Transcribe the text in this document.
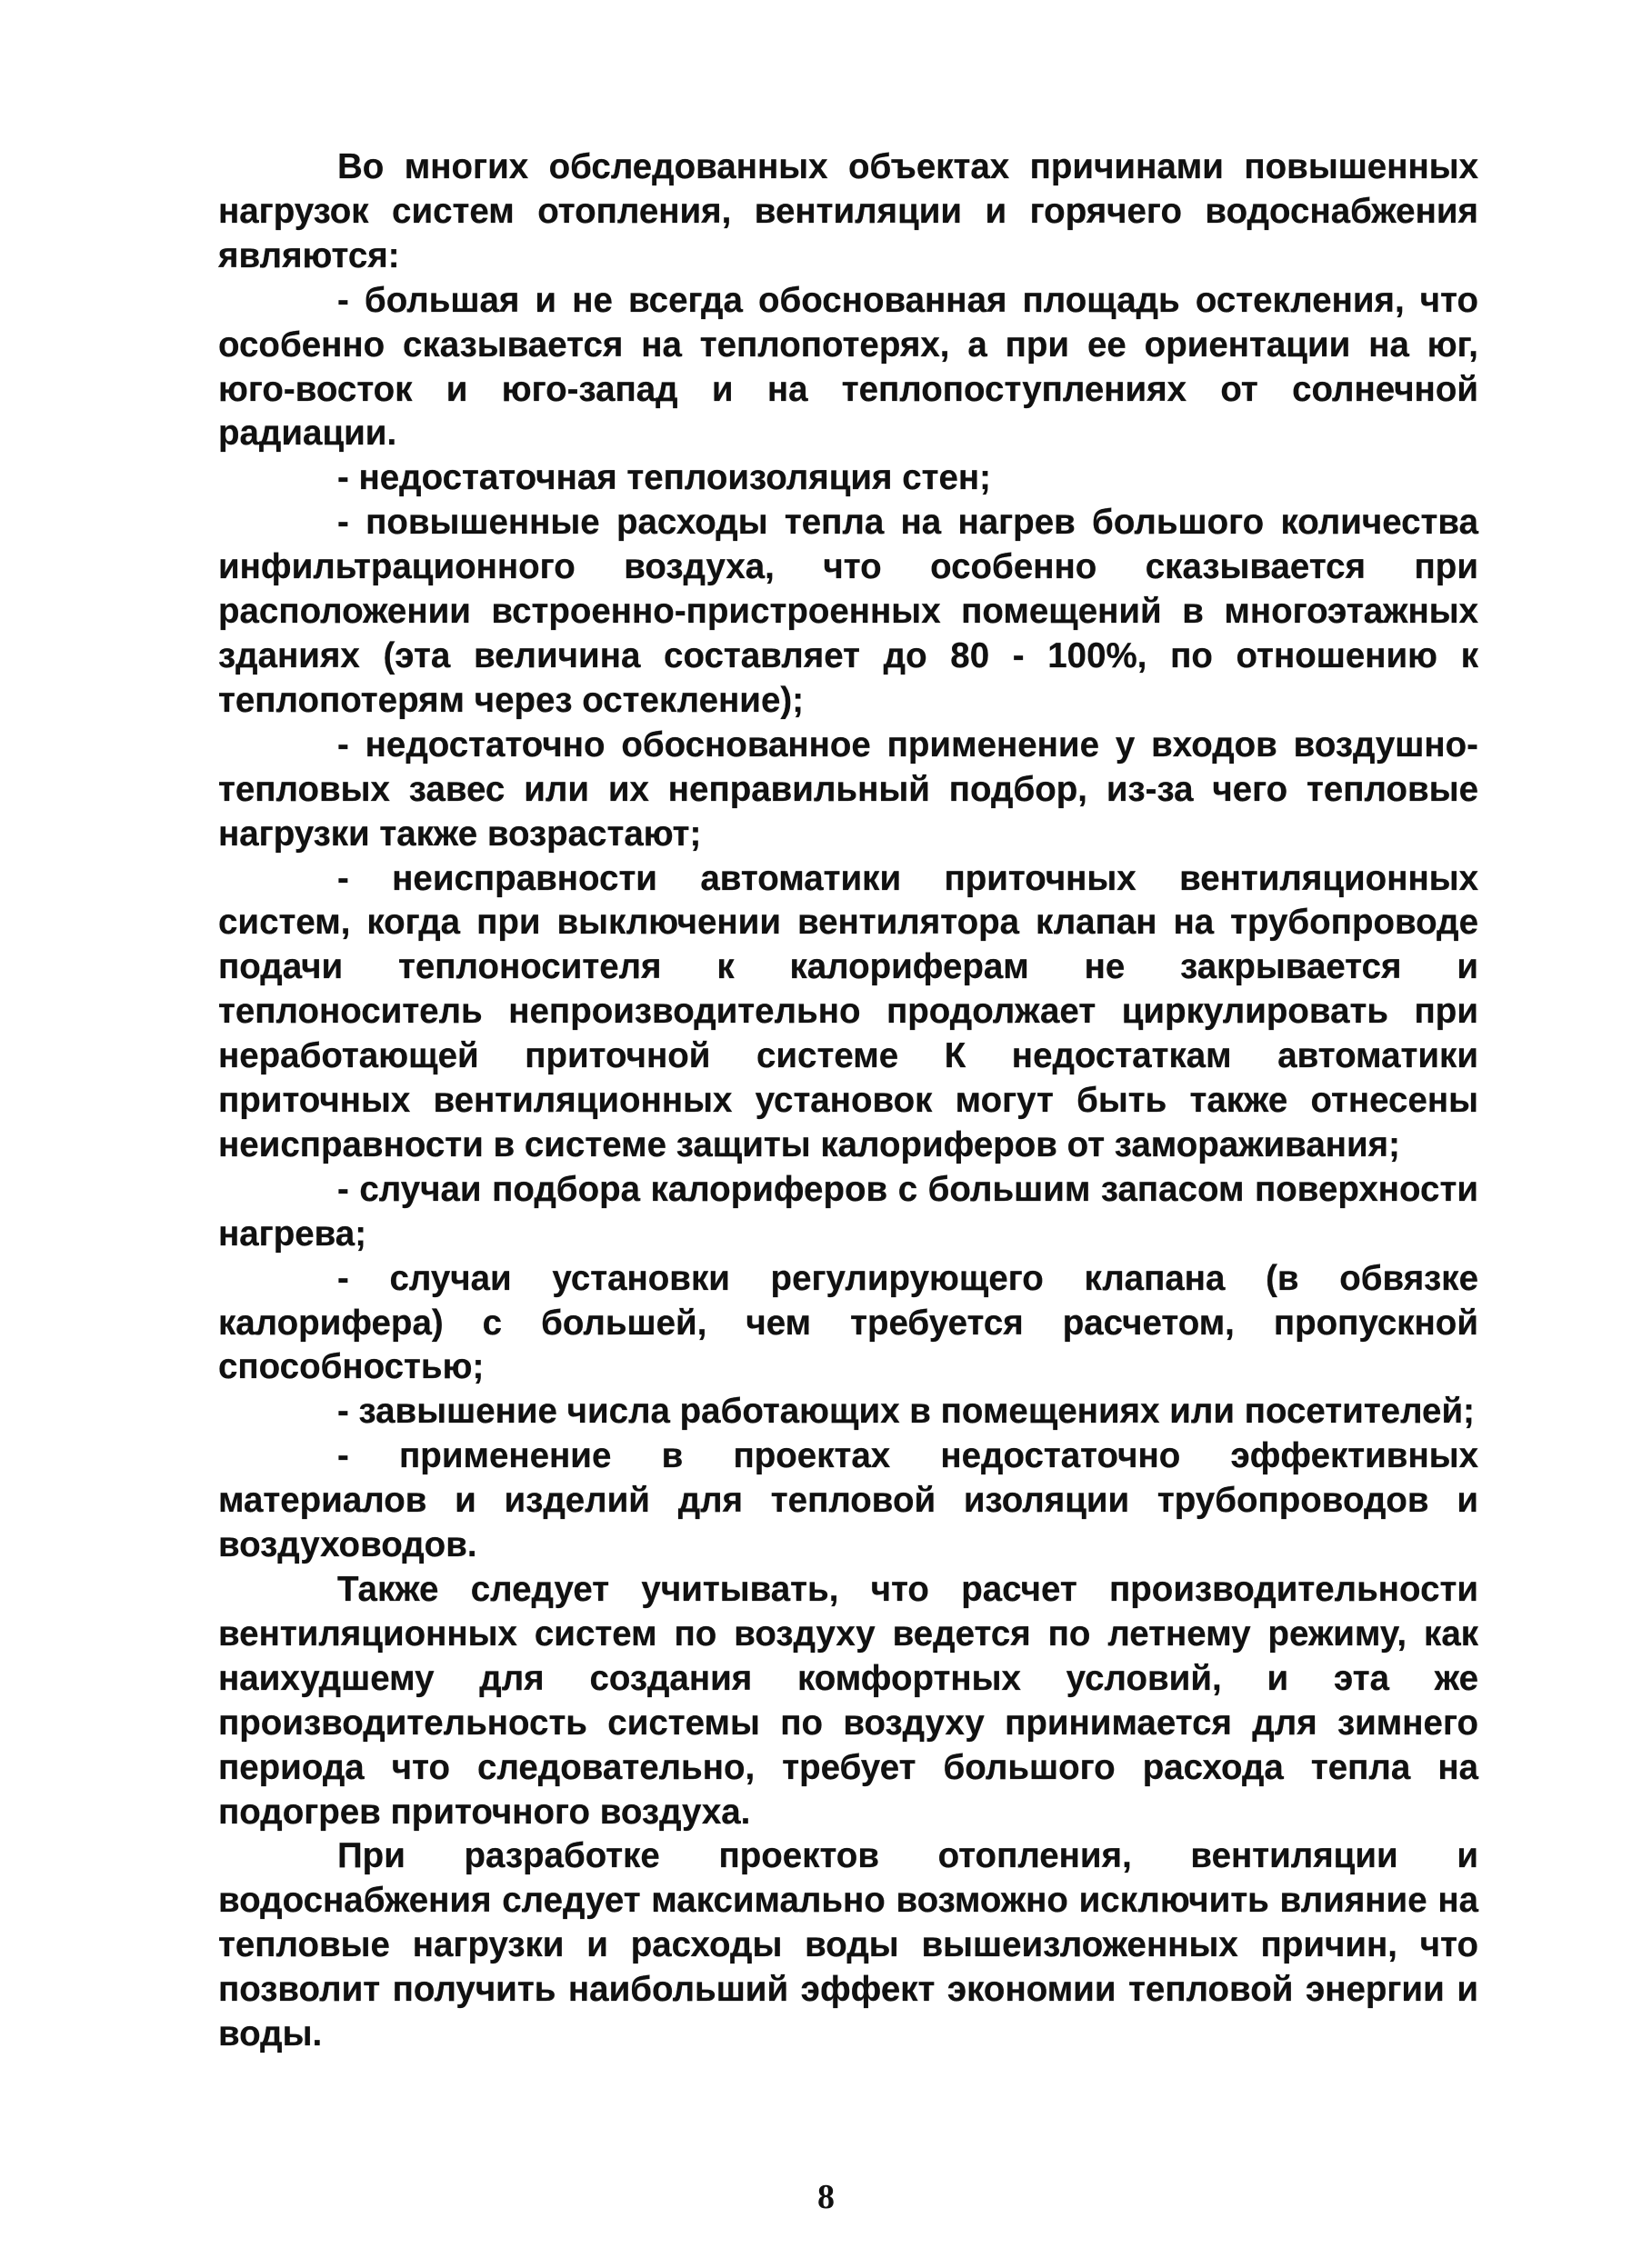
Во многих обследованных объектах причинами повышенных нагрузок систем отопления, вентиляции и горячего водоснабжения являются:

- большая и не всегда обоснованная площадь остекления, что особенно сказывается на теплопотерях, а при ее ориентации на юг, юго-восток и юго-запад и на теплопоступлениях от солнечной радиации.

- недостаточная теплоизоляция стен;

- повышенные расходы тепла на нагрев большого количества инфильтрационного воздуха, что особенно сказывается при расположении встроенно-пристроенных помещений в многоэтажных зданиях (эта величина составляет до 80 - 100%, по отношению к теплопотерям через остекление);

- недостаточно обоснованное применение у входов воздушно-тепловых завес или их неправильный подбор, из-за чего тепловые нагрузки также возрастают;

- неисправности автоматики приточных вентиляционных систем, когда при выключении вентилятора клапан на трубопроводе подачи теплоносителя к калориферам не закрывается и теплоноситель непроизводительно продолжает циркулировать при неработающей приточной системе К недостаткам автоматики приточных вентиляционных установок могут быть также отнесены неисправности в системе защиты калориферов от замораживания;

- случаи подбора калориферов с большим запасом поверхности нагрева;

- случаи установки регулирующего клапана (в обвязке калорифера) с большей, чем требуется расчетом, пропускной способностью;

- завышение числа работающих в помещениях или посетителей;

- применение в проектах недостаточно эффективных материалов и изделий для тепловой изоляции трубопроводов и воздуховодов.

Также следует учитывать, что расчет производительности вентиляционных систем по воздуху ведется по летнему режиму, как наихудшему для создания комфортных условий, и эта же производительность системы по воздуху принимается для зимнего периода что следовательно, требует большого расхода тепла на подогрев приточного воздуха.

При разработке проектов отопления, вентиляции и водоснабжения следует максимально возможно исключить влияние на тепловые нагрузки и расходы воды вышеизложенных причин, что позволит получить наибольший эффект экономии тепловой энергии и воды.

8
